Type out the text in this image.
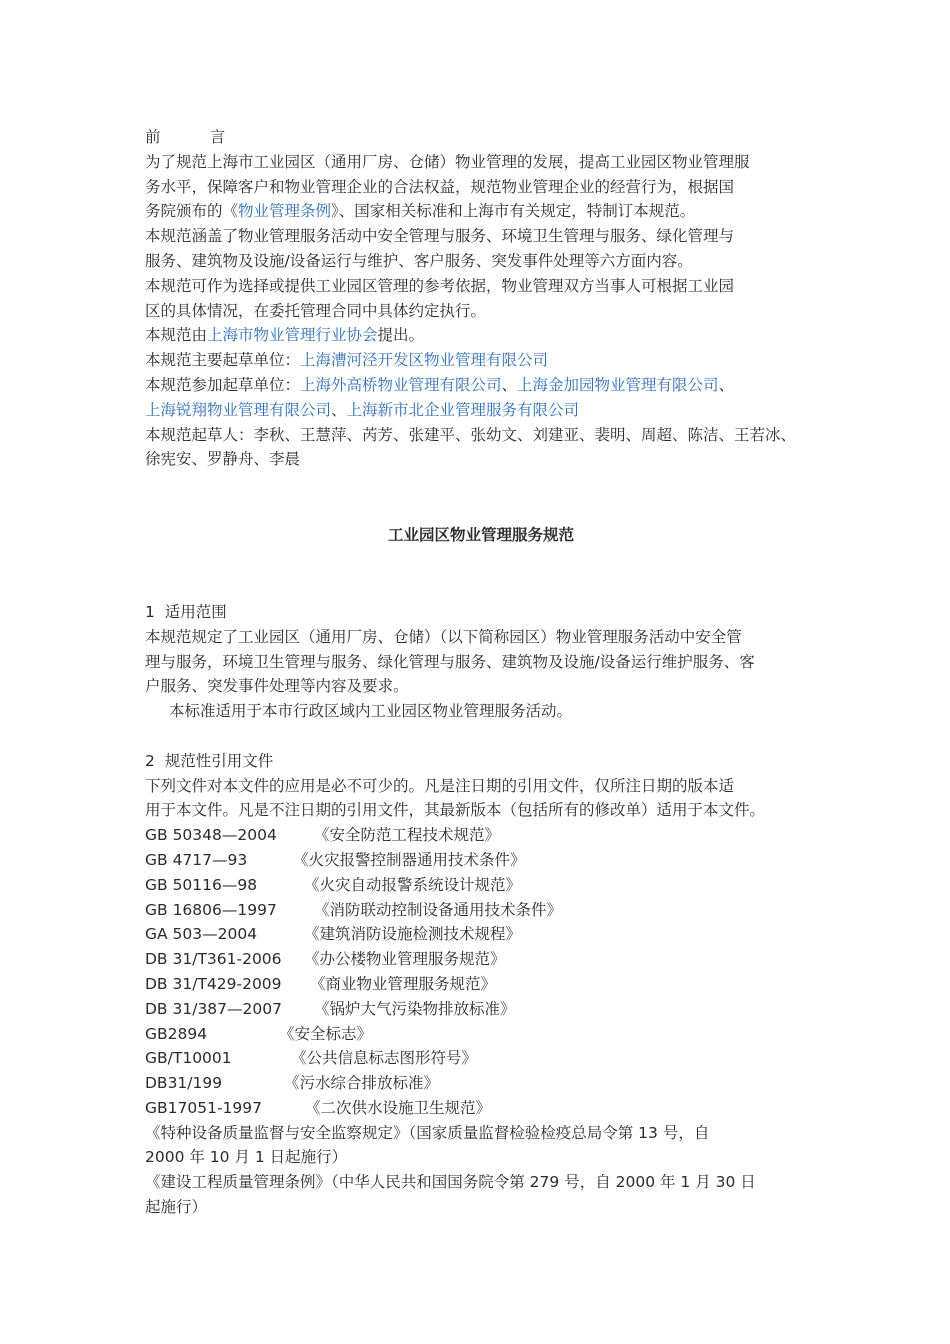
前          言
为了规范上海市工业园区（通用厂房、仓储）物业管理的发展，提高工业园区物业管理服
务水平，保障客户和物业管理企业的合法权益，规范物业管理企业的经营行为，根据国
务院颁布的《物业管理条例》、国家相关标准和上海市有关规定，特制订本规范。
本规范涵盖了物业管理服务活动中安全管理与服务、环境卫生管理与服务、绿化管理与
服务、建筑物及设施/设备运行与维护、客户服务、突发事件处理等六方面内容。
本规范可作为选择或提供工业园区管理的参考依据，物业管理双方当事人可根据工业园
区的具体情况，在委托管理合同中具体约定执行。
本规范由上海市物业管理行业协会提出。
本规范主要起草单位：上海漕河泾开发区物业管理有限公司
本规范参加起草单位：上海外高桥物业管理有限公司、上海金加园物业管理有限公司、
上海锐翔物业管理有限公司、上海新市北企业管理服务有限公司
本规范起草人：李秋、王慧萍、芮芳、张建平、张幼文、刘建亚、裴明、周超、陈洁、王若冰、
徐宪安、罗静舟、李晨
工业园区物业管理服务规范
1  适用范围
本规范规定了工业园区（通用厂房、仓储）（以下简称园区）物业管理服务活动中安全管
理与服务，环境卫生管理与服务、绿化管理与服务、建筑物及设施/设备运行维护服务、客
户服务、突发事件处理等内容及要求。
本标准适用于本市行政区域内工业园区物业管理服务活动。
2  规范性引用文件
下列文件对本文件的应用是必不可少的。凡是注日期的引用文件，仅所注日期的版本适
用于本文件。凡是不注日期的引用文件，其最新版本（包括所有的修改单）适用于本文件。
GB 50348—2004	《安全防范工程技术规范》
GB 4717—93	《火灾报警控制器通用技术条件》
GB 50116—98	《火灾自动报警系统设计规范》
GB 16806—1997	《消防联动控制设备通用技术条件》
GA 503—2004	《建筑消防设施检测技术规程》
DB 31/T361-2006	《办公楼物业管理服务规范》
DB 31/T429-2009	《商业物业管理服务规范》
DB 31/387—2007	《锅炉大气污染物排放标准》
GB2894	《安全标志》
GB/T10001	《公共信息标志图形符号》
DB31/199	《污水综合排放标准》
GB17051-1997	《二次供水设施卫生规范》
《特种设备质量监督与安全监察规定》（国家质量监督检验检疫总局令第 13 号，自
2000 年 10 月 1 日起施行）
《建设工程质量管理条例》（中华人民共和国国务院令第 279 号，自 2000 年 1 月 30 日
起施行）
